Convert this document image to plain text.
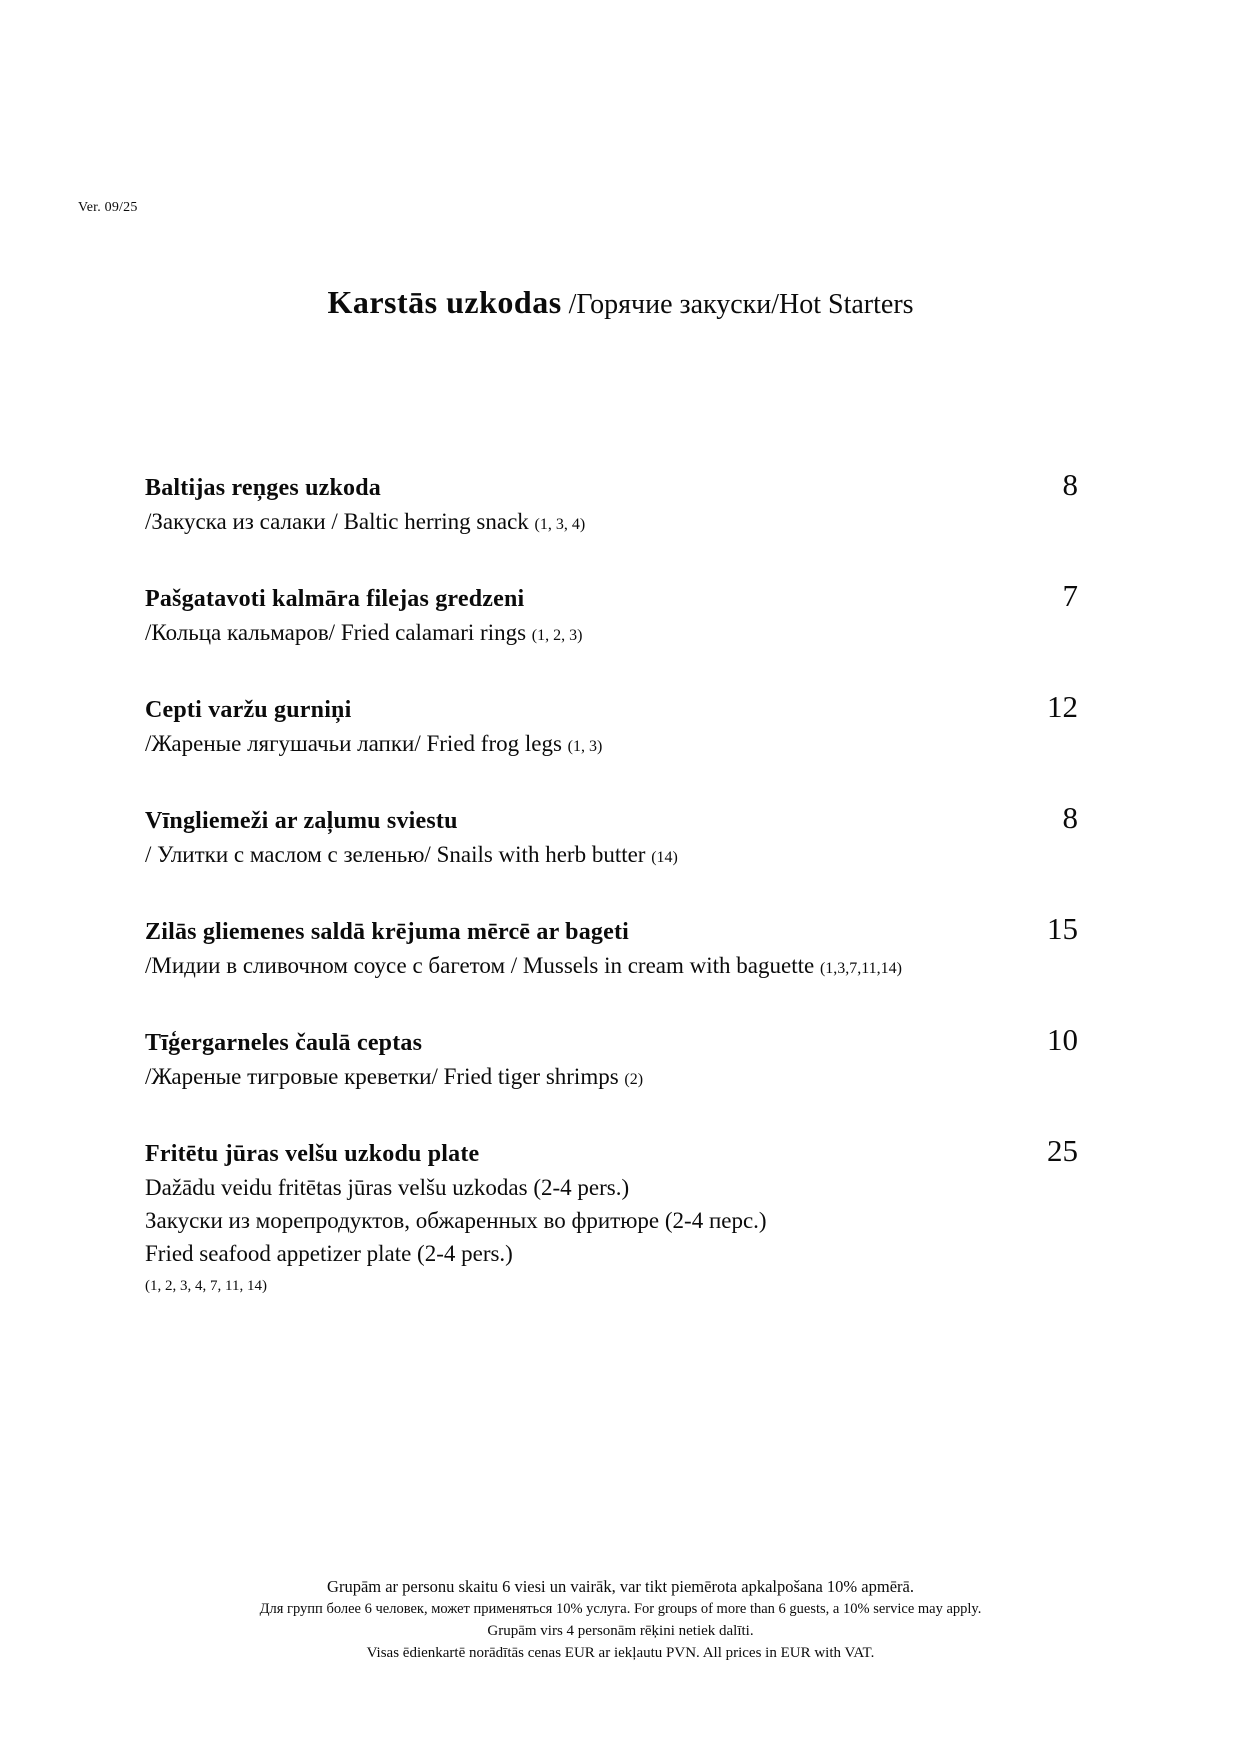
Ver. 09/25
Karstās uzkodas /Горячие закуски/Hot Starters
Baltijas reņges uzkoda	8
/Закуска из салаки / Baltic herring snack (1, 3, 4)
Pašgatavoti kalmāra filejas gredzeni	7
/Кольца кальмаров/ Fried calamari rings (1, 2, 3)
Cepti varžu gurniņi	12
/Жареные лягушачьи лапки/ Fried frog legs (1, 3)
Vīngliemeži ar zaļumu sviestu	8
/ Улитки с маслом с зеленью/ Snails with herb butter (14)
Zilās gliemenes saldā krējuma mērcē ar bageti	15
/Мидии в сливочном соусе с багетом / Mussels in cream with baguette (1,3,7,11,14)
Tīģergarneles čaulā ceptas	10
/Жареные тигровые креветки/ Fried tiger shrimps (2)
Fritētu jūras velšu uzkodu plate	25
Dažādu veidu fritētas jūras velšu uzkodas (2-4 pers.)
Закуски из морепродуктов, обжаренных во фритюре (2-4 перс.)
Fried seafood appetizer plate (2-4 pers.)
(1, 2, 3, 4, 7, 11, 14)
Grupām ar personu skaitu 6 viesi un vairāk, var tikt piemērota apkalpošana 10% apmērā.
Для групп более 6 человек, может применяться 10% услуга. For groups of more than 6 guests, a 10% service may apply.
Grupām virs 4 personām rēķini netiek dalīti.
Visas ēdienkartē norādītās cenas EUR ar iekļautu PVN. All prices in EUR with VAT.
